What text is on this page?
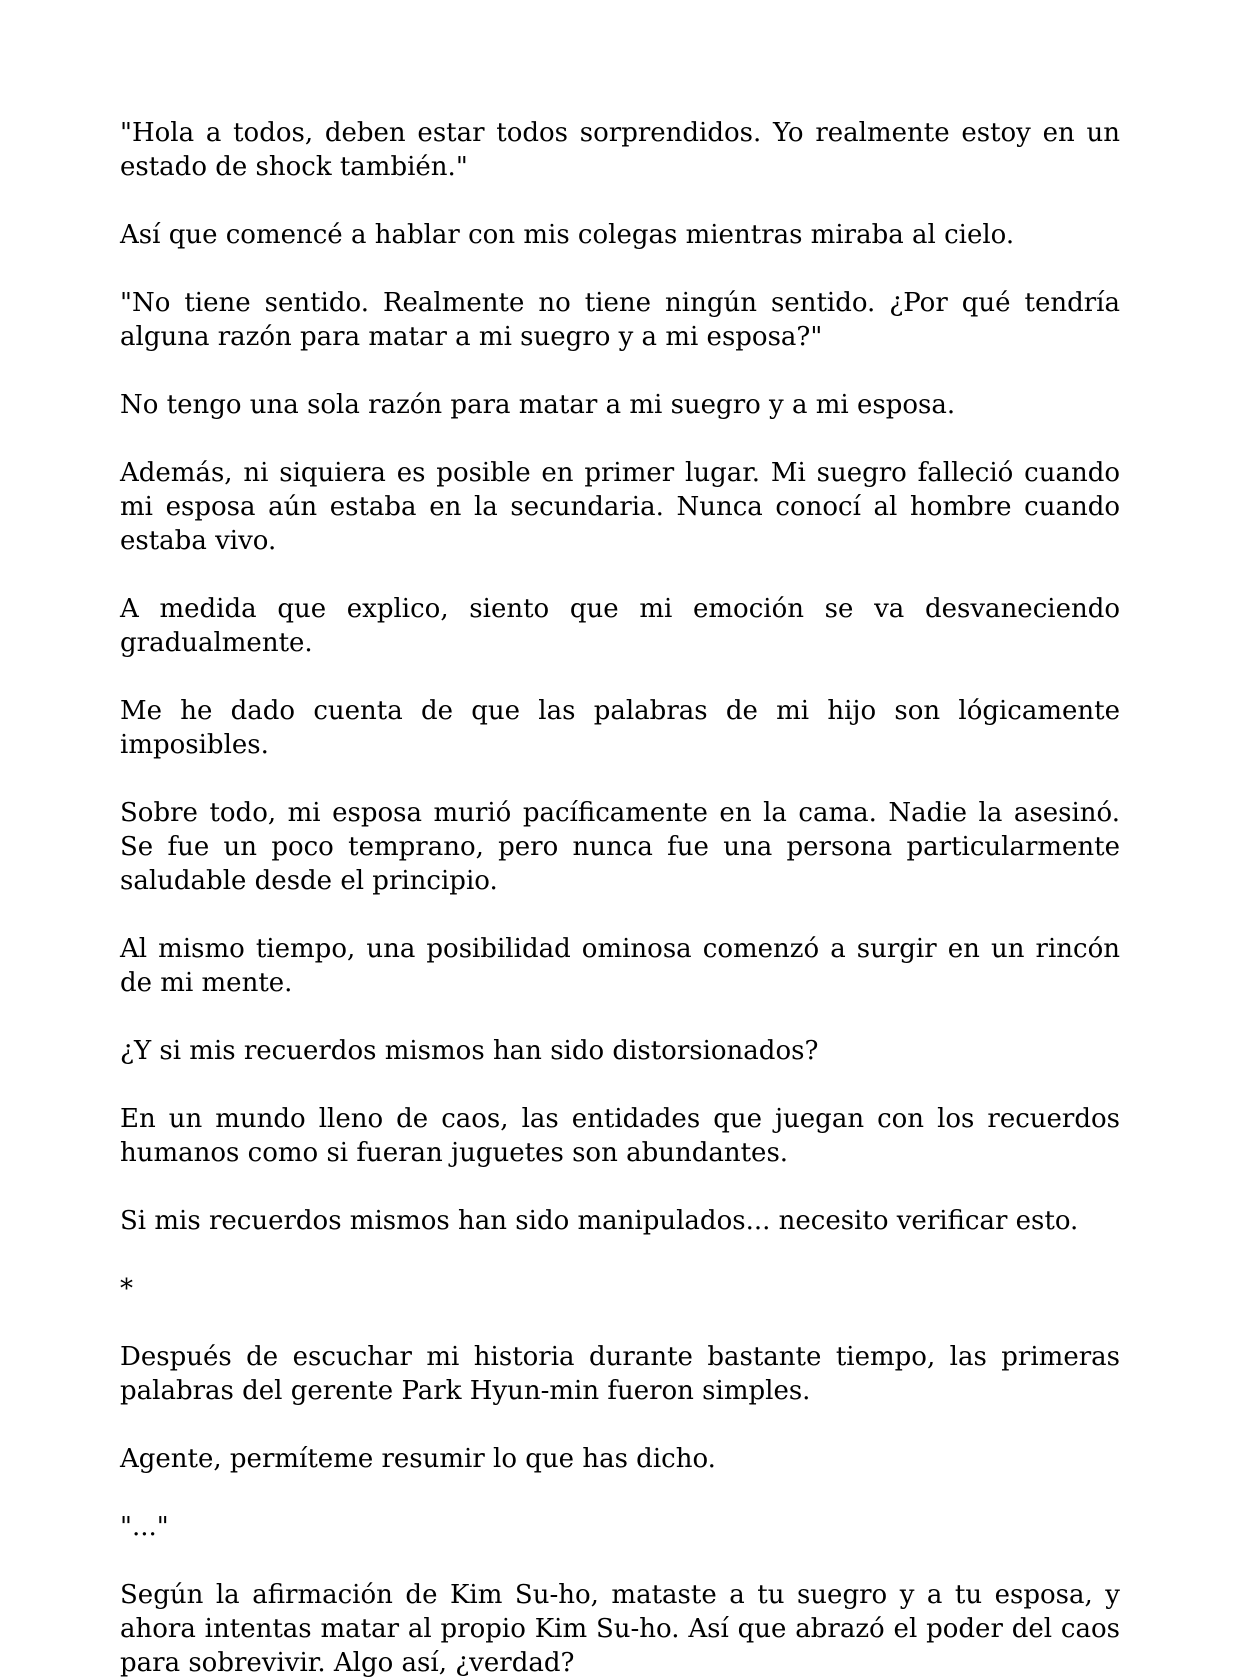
"Hola a todos, deben estar todos sorprendidos. Yo realmente estoy en un estado de shock también."

Así que comencé a hablar con mis colegas mientras miraba al cielo.

"No tiene sentido. Realmente no tiene ningún sentido. ¿Por qué tendría alguna razón para matar a mi suegro y a mi esposa?"

No tengo una sola razón para matar a mi suegro y a mi esposa.

Además, ni siquiera es posible en primer lugar. Mi suegro falleció cuando mi esposa aún estaba en la secundaria. Nunca conocí al hombre cuando estaba vivo.

A medida que explico, siento que mi emoción se va desvaneciendo gradualmente.

Me he dado cuenta de que las palabras de mi hijo son lógicamente imposibles.

Sobre todo, mi esposa murió pacíficamente en la cama. Nadie la asesinó. Se fue un poco temprano, pero nunca fue una persona particularmente saludable desde el principio.

Al mismo tiempo, una posibilidad ominosa comenzó a surgir en un rincón de mi mente.

¿Y si mis recuerdos mismos han sido distorsionados?

En un mundo lleno de caos, las entidades que juegan con los recuerdos humanos como si fueran juguetes son abundantes.

Si mis recuerdos mismos han sido manipulados... necesito verificar esto.

*

Después de escuchar mi historia durante bastante tiempo, las primeras palabras del gerente Park Hyun-min fueron simples.

Agente, permíteme resumir lo que has dicho.

"..."

Según la afirmación de Kim Su-ho, mataste a tu suegro y a tu esposa, y ahora intentas matar al propio Kim Su-ho. Así que abrazó el poder del caos para sobrevivir. Algo así, ¿verdad?
